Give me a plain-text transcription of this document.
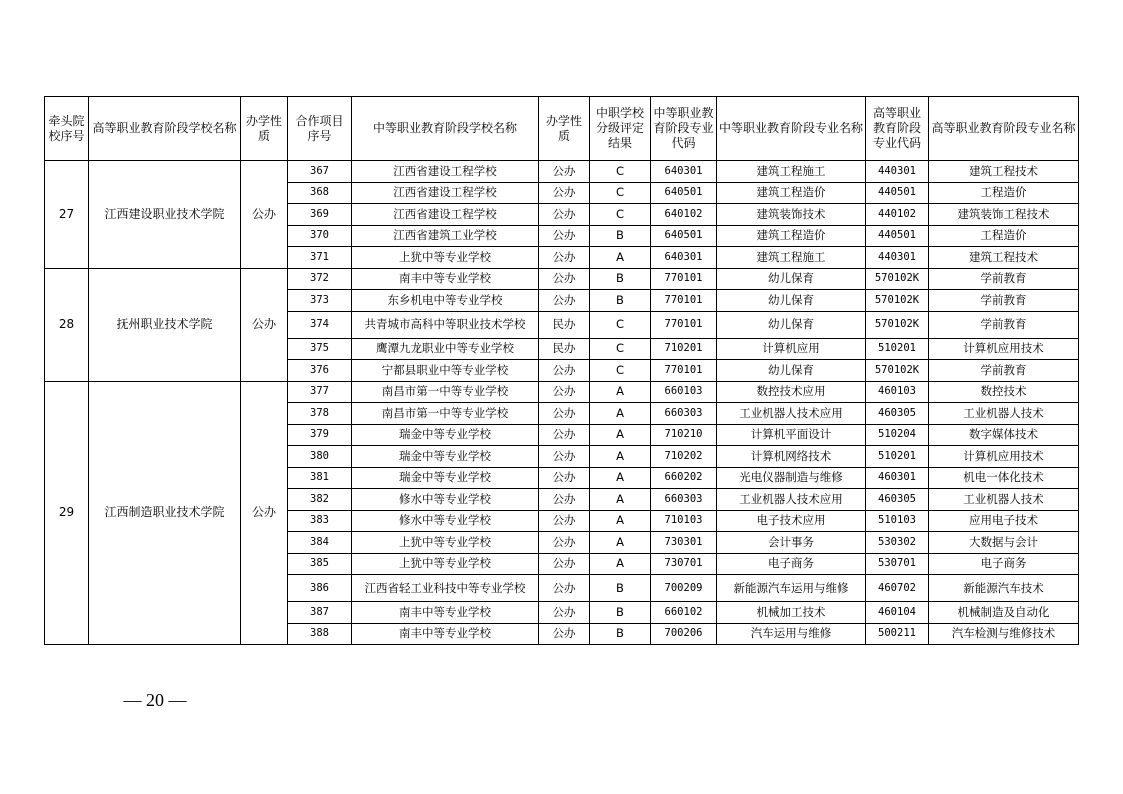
牵头院校序号	高等职业教育阶段学校名称	办学性质	合作项目序号	中等职业教育阶段学校名称	办学性质	中职学校分级评定结果	中等职业教育阶段专业代码	中等职业教育阶段专业名称	高等职业教育阶段专业代码	高等职业教育阶段专业名称
27	江西建设职业技术学院	公办	367	江西省建设工程学校	公办	C	640301	建筑工程施工	440301	建筑工程技术
			368	江西省建设工程学校	公办	C	640501	建筑工程造价	440501	工程造价
			369	江西省建设工程学校	公办	C	640102	建筑装饰技术	440102	建筑装饰工程技术
			370	江西省建筑工业学校	公办	B	640501	建筑工程造价	440501	工程造价
			371	上犹中等专业学校	公办	A	640301	建筑工程施工	440301	建筑工程技术
28	抚州职业技术学院	公办	372	南丰中等专业学校	公办	B	770101	幼儿保育	570102K	学前教育
			373	东乡机电中等专业学校	公办	B	770101	幼儿保育	570102K	学前教育
			374	共青城市高科中等职业技术学校	民办	C	770101	幼儿保育	570102K	学前教育
			375	鹰潭九龙职业中等专业学校	民办	C	710201	计算机应用	510201	计算机应用技术
			376	宁都县职业中等专业学校	公办	C	770101	幼儿保育	570102K	学前教育
29	江西制造职业技术学院	公办	377	南昌市第一中等专业学校	公办	A	660103	数控技术应用	460103	数控技术
			378	南昌市第一中等专业学校	公办	A	660303	工业机器人技术应用	460305	工业机器人技术
			379	瑞金中等专业学校	公办	A	710210	计算机平面设计	510204	数字媒体技术
			380	瑞金中等专业学校	公办	A	710202	计算机网络技术	510201	计算机应用技术
			381	瑞金中等专业学校	公办	A	660202	光电仪器制造与维修	460301	机电一体化技术
			382	修水中等专业学校	公办	A	660303	工业机器人技术应用	460305	工业机器人技术
			383	修水中等专业学校	公办	A	710103	电子技术应用	510103	应用电子技术
			384	上犹中等专业学校	公办	A	730301	会计事务	530302	大数据与会计
			385	上犹中等专业学校	公办	A	730701	电子商务	530701	电子商务
			386	江西省轻工业科技中等专业学校	公办	B	700209	新能源汽车运用与维修	460702	新能源汽车技术
			387	南丰中等专业学校	公办	B	660102	机械加工技术	460104	机械制造及自动化
			388	南丰中等专业学校	公办	B	700206	汽车运用与维修	500211	汽车检测与维修技术
— 20 —
